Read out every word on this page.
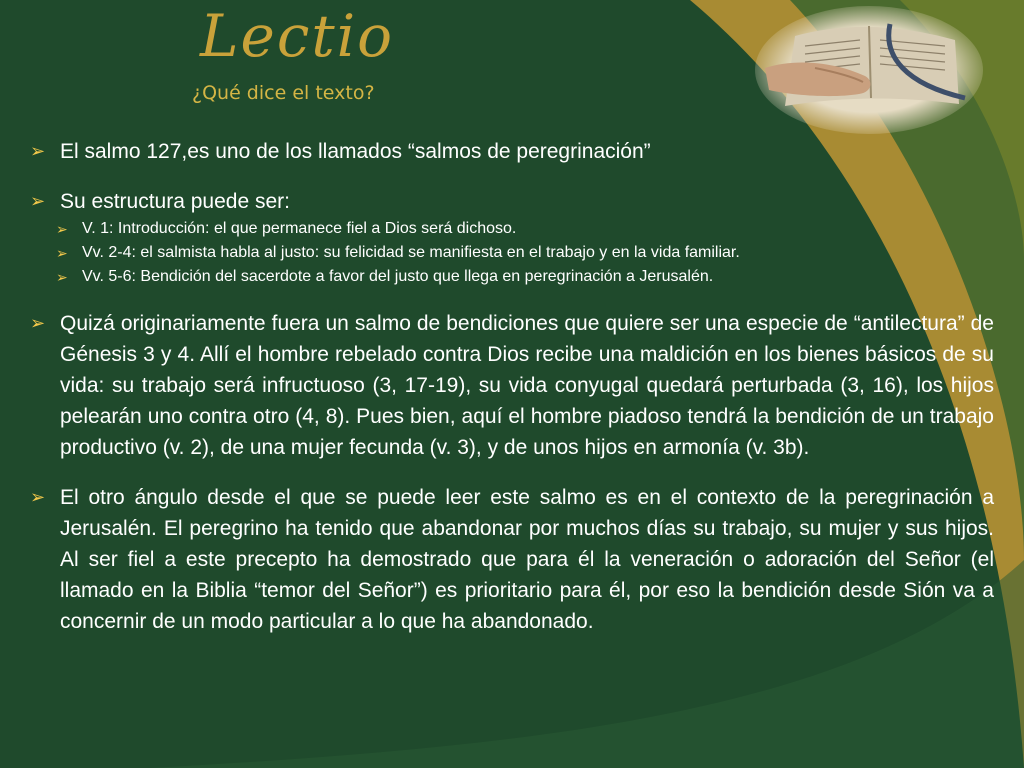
Lectio
¿Qué dice el texto?
➢ El salmo 127,es uno de los llamados “salmos de peregrinación”
➢ Su estructura puede ser:
➢ V. 1: Introducción: el que permanece fiel a Dios será dichoso.
➢ Vv. 2-4: el salmista habla al justo: su felicidad se manifiesta en el trabajo y en la vida familiar.
➢ Vv. 5-6: Bendición del sacerdote a favor del justo que llega en peregrinación a Jerusalén.
➢ Quizá originariamente fuera un salmo de bendiciones que quiere ser una especie de “antilectura” de Génesis 3 y 4. Allí el hombre rebelado contra Dios recibe una maldición en los bienes básicos de su vida: su trabajo será infructuoso (3, 17-19), su vida conyugal quedará perturbada (3, 16), los hijos pelearán uno contra otro (4, 8). Pues bien, aquí el hombre piadoso tendrá la bendición de un trabajo productivo (v. 2), de una mujer fecunda (v. 3), y de unos hijos en armonía (v. 3b).
➢ El otro ángulo desde el que se puede leer este salmo es en el contexto de la peregrinación a Jerusalén. El peregrino ha tenido que abandonar por muchos días su trabajo, su mujer y sus hijos. Al ser fiel a este precepto ha demostrado que para él la veneración o adoración del Señor (el llamado en la Biblia “temor del Señor”) es prioritario para él, por eso la bendición desde Sión va a concernir de un modo particular a lo que ha abandonado.
